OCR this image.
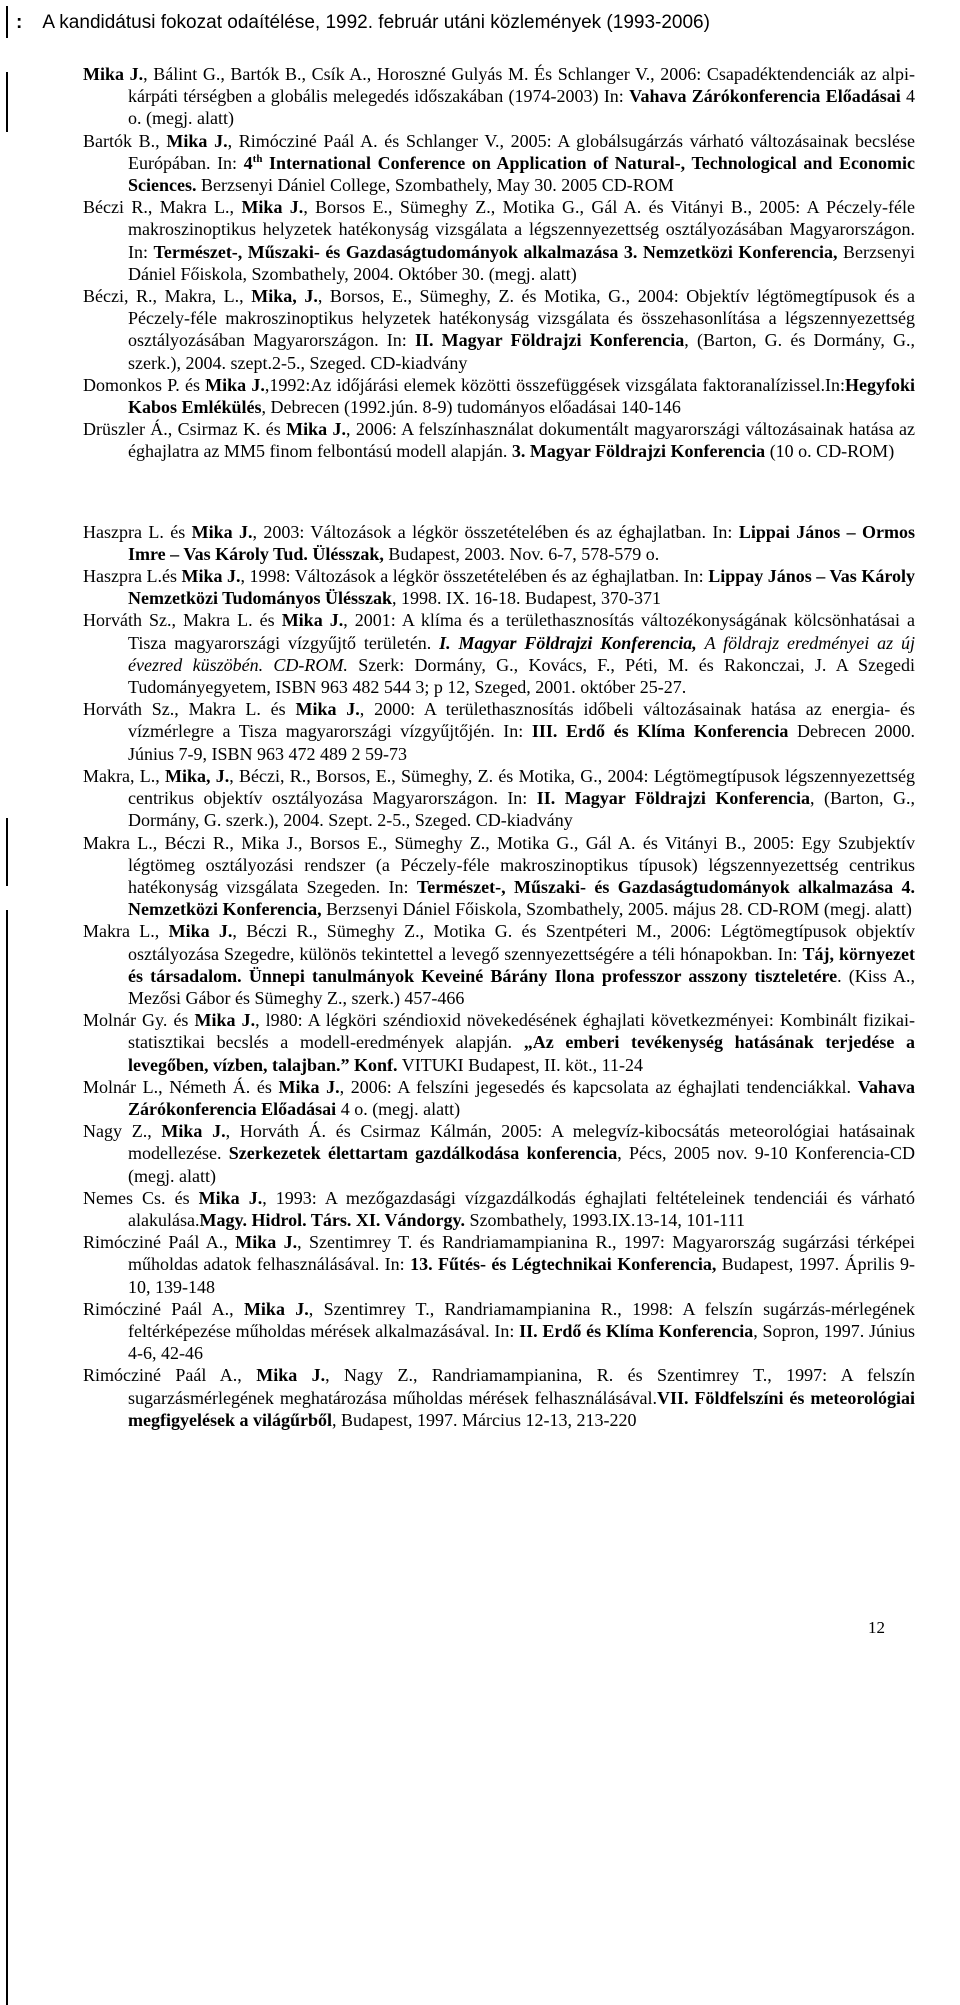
: A kandidátusi fokozat odaítélése, 1992. február utáni közlemények (1993-2006)

Mika J., Bálint G., Bartók B., Csík A., Horoszné Gulyás M. És Schlanger V., 2006: Csapadéktendenciák az alpi-kárpáti térségben a globális melegedés időszakában (1974-2003) In: Vahava Zárókonferencia Előadásai 4 o. (megj. alatt)

Bartók B., Mika J., Rimócziné Paál A. és Schlanger V., 2005: A globálsugárzás várható változásainak becslése Európában. In: 4th International Conference on Application of Natural-, Technological and Economic Sciences. Berzsenyi Dániel College, Szombathely, May 30. 2005 CD-ROM

Béczi R., Makra L., Mika J., Borsos E., Sümeghy Z., Motika G., Gál A. és Vitányi B., 2005: A Péczely-féle makroszinoptikus helyzetek hatékonyság vizsgálata a légszennyezettség osztályozásában Magyarországon. In: Természet-, Műszaki- és Gazdaságtudományok alkalmazása 3. Nemzetközi Konferencia, Berzsenyi Dániel Főiskola, Szombathely, 2004. Október 30. (megj. alatt)

Béczi, R., Makra, L., Mika, J., Borsos, E., Sümeghy, Z. és Motika, G., 2004: Objektív légtömegtípusok és a Péczely-féle makroszinoptikus helyzetek hatékonyság vizsgálata és összehasonlítása a légszennyezettség osztályozásában Magyarországon. In: II. Magyar Földrajzi Konferencia, (Barton, G. és Dormány, G., szerk.), 2004. szept.2-5., Szeged. CD-kiadvány

Domonkos P. és Mika J.,1992:Az időjárási elemek közötti összefüggések vizsgálata faktoranalízissel.In:Hegyfoki Kabos Emlékülés, Debrecen (1992.jún. 8-9) tudományos előadásai 140-146

Drüszler Á., Csirmaz K. és Mika J., 2006: A felszínhasználat dokumentált magyarországi változásainak hatása az éghajlatra az MM5 finom felbontású modell alapján. 3. Magyar Földrajzi Konferencia (10 o. CD-ROM)

Haszpra L. és Mika J., 2003: Változások a légkör összetételében és az éghajlatban. In: Lippai János – Ormos Imre – Vas Károly Tud. Ülésszak, Budapest, 2003. Nov. 6-7, 578-579 o.

Haszpra L.és Mika J., 1998: Változások a légkör összetételében és az éghajlatban. In: Lippay János – Vas Károly Nemzetközi Tudományos Ülésszak, 1998. IX. 16-18. Budapest, 370-371

Horváth Sz., Makra L. és Mika J., 2001: A klíma és a területhasznosítás változékonyságának kölcsönhatásai a Tisza magyarországi vízgyűjtő területén. I. Magyar Földrajzi Konferencia, A földrajz eredményei az új évezred küszöbén. CD-ROM. Szerk: Dormány, G., Kovács, F., Péti, M. és Rakonczai, J. A Szegedi Tudományegyetem, ISBN 963 482 544 3; p 12, Szeged, 2001. október 25-27.

Horváth Sz., Makra L. és Mika J., 2000: A területhasznosítás időbeli változásainak hatása az energia- és vízmérlegre a Tisza magyarországi vízgyűjtőjén. In: III. Erdő és Klíma Konferencia Debrecen 2000. Június 7-9, ISBN 963 472 489 2 59-73

Makra, L., Mika, J., Béczi, R., Borsos, E., Sümeghy, Z. és Motika, G., 2004: Légtömegtípusok légszennyezettség centrikus objektív osztályozása Magyarországon. In: II. Magyar Földrajzi Konferencia, (Barton, G., Dormány, G. szerk.), 2004. Szept. 2-5., Szeged. CD-kiadvány

Makra L., Béczi R., Mika J., Borsos E., Sümeghy Z., Motika G., Gál A. és Vitányi B., 2005: Egy Szubjektív légtömeg osztályozási rendszer (a Péczely-féle makroszinoptikus típusok) légszennyezettség centrikus hatékonyság vizsgálata Szegeden. In: Természet-, Műszaki- és Gazdaságtudományok alkalmazása 4. Nemzetközi Konferencia, Berzsenyi Dániel Főiskola, Szombathely, 2005. május 28. CD-ROM (megj. alatt)

Makra L., Mika J., Béczi R., Sümeghy Z., Motika G. és Szentpéteri M., 2006: Légtömegtípusok objektív osztályozása Szegedre, különös tekintettel a levegő szennyezettségére a téli hónapokban. In: Táj, környezet és társadalom. Ünnepi tanulmányok Keveiné Bárány Ilona professzor asszony tiszteletére. (Kiss A., Mezősi Gábor és Sümeghy Z., szerk.) 457-466

Molnár Gy. és Mika J., l980: A légköri széndioxid növekedésének éghajlati következményei: Kombinált fizikai-statisztikai becslés a modell-eredmények alapján. „Az emberi tevékenység hatásának terjedése a levegőben, vízben, talajban.” Konf. VITUKI Budapest, II. köt., 11-24

Molnár L., Németh Á. és Mika J., 2006: A felszíni jegesedés és kapcsolata az éghajlati tendenciákkal. Vahava Zárókonferencia Előadásai 4 o. (megj. alatt)

Nagy Z., Mika J., Horváth Á. és Csirmaz Kálmán, 2005: A melegvíz-kibocsátás meteorológiai hatásainak modellezése. Szerkezetek élettartam gazdálkodása konferencia, Pécs, 2005 nov. 9-10 Konferencia-CD (megj. alatt)

Nemes Cs. és Mika J., 1993: A mezőgazdasági vízgazdálkodás éghajlati feltételeinek tendenciái és várható alakulása.Magy. Hidrol. Társ. XI. Vándorgy. Szombathely, 1993.IX.13-14, 101-111

Rimócziné Paál A., Mika J., Szentimrey T. és Randriamampianina R., 1997: Magyarország sugárzási térképei műholdas adatok felhasználásával. In: 13. Fűtés- és Légtechnikai Konferencia, Budapest, 1997. Április 9-10, 139-148

Rimócziné Paál A., Mika J., Szentimrey T., Randriamampianina R., 1998: A felszín sugárzás-mérlegének feltérképezése műholdas mérések alkalmazásával. In: II. Erdő és Klíma Konferencia, Sopron, 1997. Június 4-6, 42-46

Rimócziné Paál A., Mika J., Nagy Z., Randriamampianina, R. és Szentimrey T., 1997: A felszín sugarzásmérlegének meghatározása műholdas mérések felhasználásával.VII. Földfelszíni és meteorológiai megfigyelések a világűrből, Budapest, 1997. Március 12-13, 213-220

12
